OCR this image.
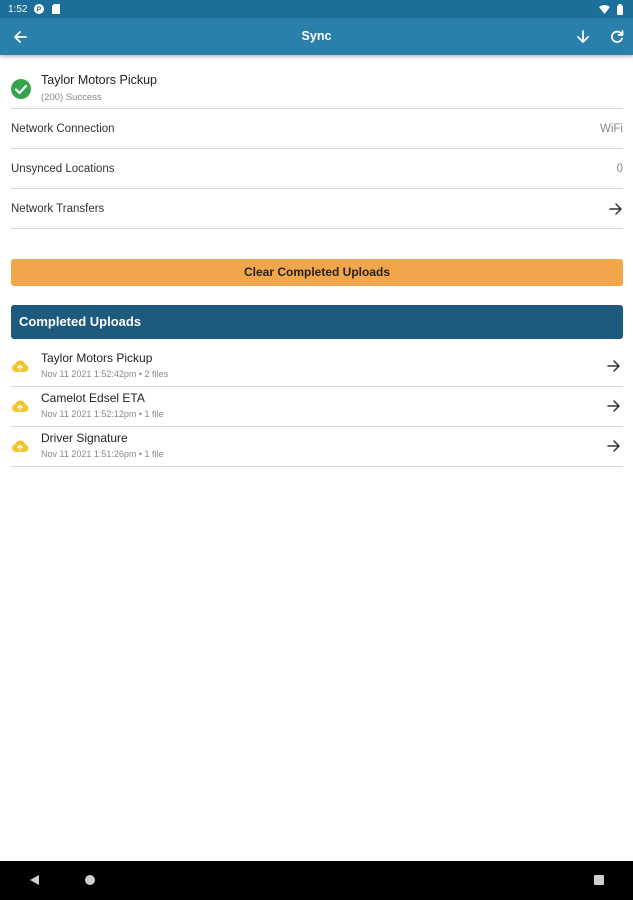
1:52 P
Sync
Taylor Motors Pickup
(200) Success
Network Connection	WiFi
Unsynced Locations	0
Network Transfers
Clear Completed Uploads
Completed Uploads
Taylor Motors Pickup
Nov 11 2021 1:52:42pm • 2 files
Camelot Edsel ETA
Nov 11 2021 1:52:12pm • 1 file
Driver Signature
Nov 11 2021 1:51:26pm • 1 file
